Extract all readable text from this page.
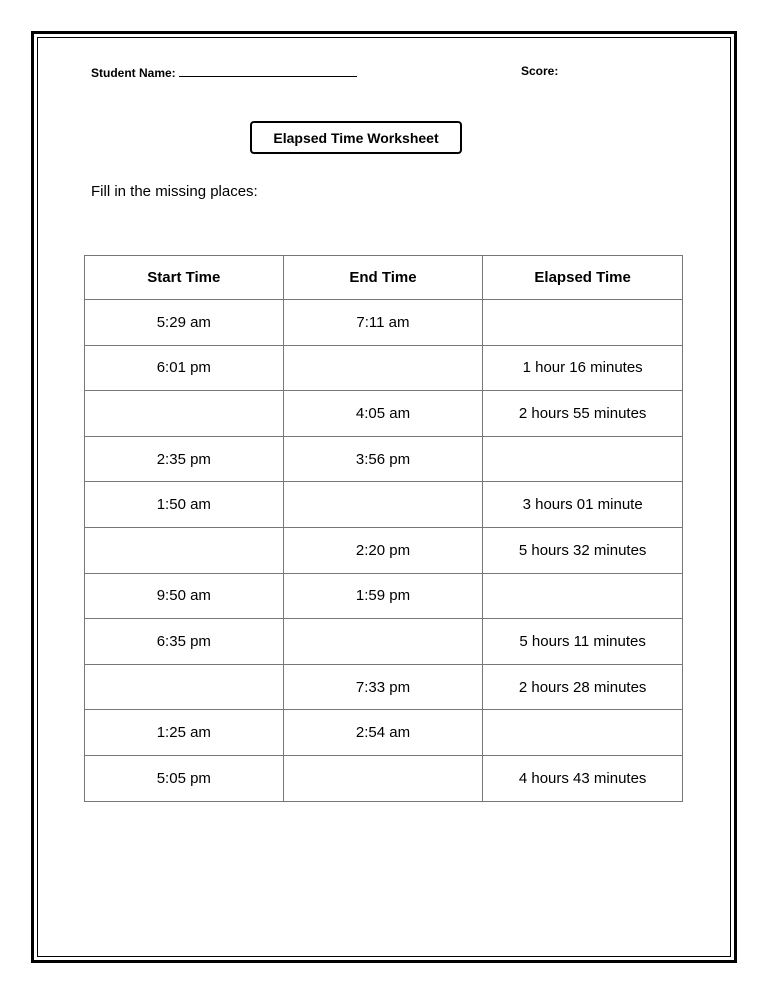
Student Name:	Score:
Elapsed Time Worksheet
Fill in the missing places:
Start Time	End Time	Elapsed Time
5:29 am	7:11 am	
6:01 pm		1 hour 16 minutes
	4:05 am	2 hours 55 minutes
2:35 pm	3:56 pm	
1:50 am		3 hours 01 minute
	2:20 pm	5 hours 32 minutes
9:50 am	1:59 pm	
6:35 pm		5 hours 11 minutes
	7:33 pm	2 hours 28 minutes
1:25 am	2:54 am	
5:05 pm		4 hours 43 minutes
